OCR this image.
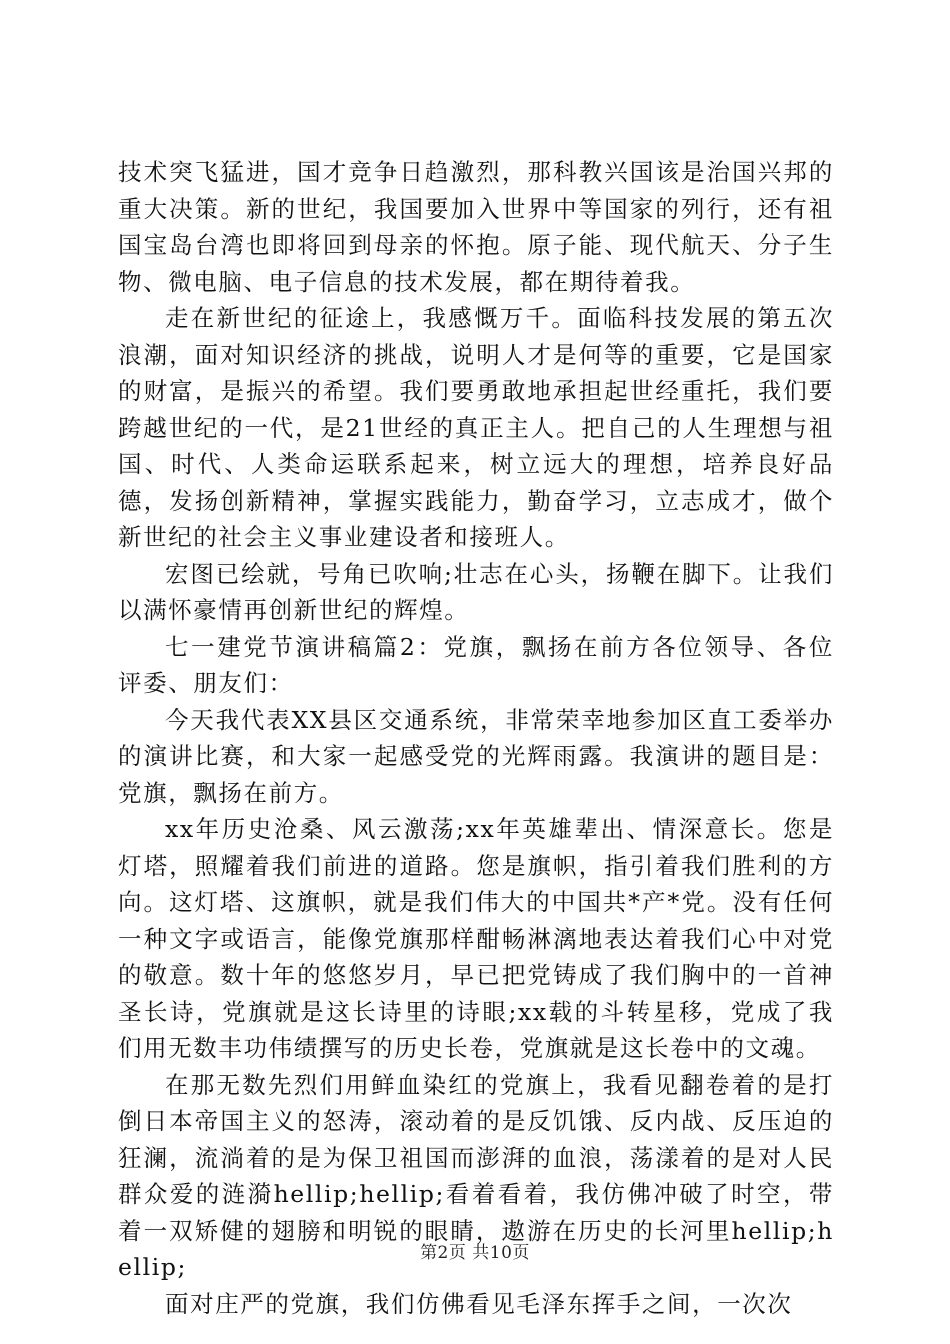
技术突飞猛进，国才竞争日趋激烈，那科教兴国该是治国兴邦的重大决策。新的世纪，我国要加入世界中等国家的列行，还有祖国宝岛台湾也即将回到母亲的怀抱。原子能、现代航天、分子生物、微电脑、电子信息的技术发展，都在期待着我。

走在新世纪的征途上，我感慨万千。面临科技发展的第五次浪潮，面对知识经济的挑战，说明人才是何等的重要，它是国家的财富，是振兴的希望。我们要勇敢地承担起世经重托，我们要跨越世纪的一代，是21世经的真正主人。把自己的人生理想与祖国、时代、人类命运联系起来，树立远大的理想，培养良好品德，发扬创新精神，掌握实践能力，勤奋学习，立志成才，做个新世纪的社会主义事业建设者和接班人。

宏图已绘就，号角已吹响;壮志在心头，扬鞭在脚下。让我们以满怀豪情再创新世纪的辉煌。

七一建党节演讲稿篇2：党旗，飘扬在前方各位领导、各位评委、朋友们：

今天我代表XX县区交通系统，非常荣幸地参加区直工委举办的演讲比赛，和大家一起感受党的光辉雨露。我演讲的题目是：党旗，飘扬在前方。

xx年历史沧桑、风云激荡;xx年英雄辈出、情深意长。您是灯塔，照耀着我们前进的道路。您是旗帜，指引着我们胜利的方向。这灯塔、这旗帜，就是我们伟大的中国共*产*党。没有任何一种文字或语言，能像党旗那样酣畅淋漓地表达着我们心中对党的敬意。数十年的悠悠岁月，早已把党铸成了我们胸中的一首神圣长诗，党旗就是这长诗里的诗眼;xx载的斗转星移，党成了我们用无数丰功伟绩撰写的历史长卷，党旗就是这长卷中的文魂。

在那无数先烈们用鲜血染红的党旗上，我看见翻卷着的是打倒日本帝国主义的怒涛，滚动着的是反饥饿、反内战、反压迫的狂澜，流淌着的是为保卫祖国而澎湃的血浪，荡漾着的是对人民群众爱的涟漪hellip;hellip;看着看着，我仿佛冲破了时空，带着一双矫健的翅膀和明锐的眼睛，遨游在历史的长河里hellip;hellip;

面对庄严的党旗，我们仿佛看见毛泽东挥手之间，一次次

第2页 共10页
